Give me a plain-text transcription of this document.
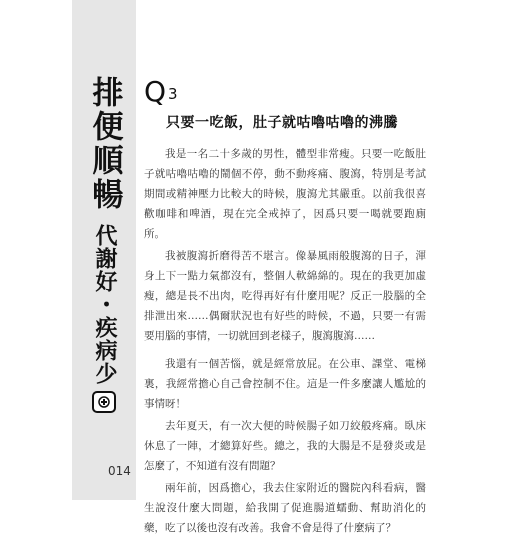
排便順暢
代謝好・疾病少
014
Q 3
只要一吃飯，肚子就咕嚕咕嚕的沸騰

我是一名二十多歲的男性，體型非常瘦。只要一吃飯肚子就咕嚕咕嚕的鬧個不停，動不動疼痛、腹瀉，特別是考試期間或精神壓力比較大的時候，腹瀉尤其嚴重。以前我很喜歡咖啡和啤酒，現在完全戒掉了，因爲只要一喝就要跑廁所。

我被腹瀉折磨得苦不堪言。像暴風雨般腹瀉的日子，渾身上下一點力氣都沒有，整個人軟綿綿的。現在的我更加虛瘦，總是長不出肉，吃得再好有什麼用呢？反正一股腦的全排泄出來……偶爾狀況也有好些的時候，不過，只要一有需要用腦的事情，一切就回到老樣子，腹瀉腹瀉……

我還有一個苦惱，就是經常放屁。在公車、課堂、電梯裏，我經常擔心自己會控制不住。這是一件多麼讓人尷尬的事情呀！

去年夏天，有一次大便的時候腸子如刀絞般疼痛。臥床休息了一陣，才總算好些。總之，我的大腸是不是發炎或是怎麼了，不知道有沒有問題？

兩年前，因爲擔心，我去住家附近的醫院內科看病，醫生說沒什麼大問題，給我開了促進腸道蠕動、幫助消化的藥，吃了以後也沒有改善。我會不會是得了什麼病了？
